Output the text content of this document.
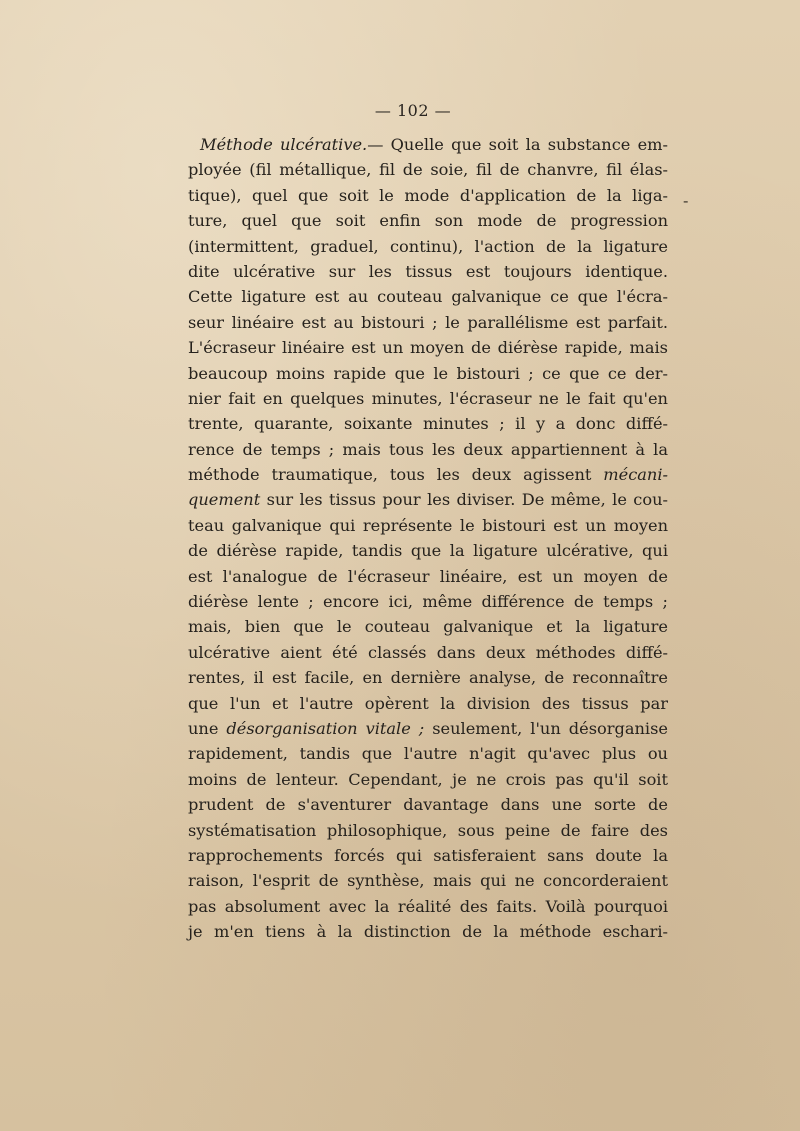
— 102 —
-
Méthode ulcérative.— Quelle que soit la substance em-
ployée (fil métallique, fil de soie, fil de chanvre, fil élas-
tique), quel que soit le mode d'application de la liga-
ture, quel que soit enfin son mode de progression
(intermittent, graduel, continu), l'action de la ligature
dite ulcérative sur les tissus est toujours identique.
Cette ligature est au couteau galvanique ce que l'écra-
seur linéaire est au bistouri ; le parallélisme est parfait.
L'écraseur linéaire est un moyen de diérèse rapide, mais
beaucoup moins rapide que le bistouri ; ce que ce der-
nier fait en quelques minutes, l'écraseur ne le fait qu'en
trente, quarante, soixante minutes ; il y a donc diffé-
rence de temps ; mais tous les deux appartiennent à la
méthode traumatique, tous les deux agissent mécani-
quement sur les tissus pour les diviser. De même, le cou-
teau galvanique qui représente le bistouri est un moyen
de diérèse rapide, tandis que la ligature ulcérative, qui
est l'analogue de l'écraseur linéaire, est un moyen de
diérèse lente ; encore ici, même différence de temps ;
mais, bien que le couteau galvanique et la ligature
ulcérative aient été classés dans deux méthodes diffé-
rentes, il est facile, en dernière analyse, de reconnaître
que l'un et l'autre opèrent la division des tissus par
une désorganisation vitale ; seulement, l'un désorganise
rapidement, tandis que l'autre n'agit qu'avec plus ou
moins de lenteur. Cependant, je ne crois pas qu'il soit
prudent de s'aventurer davantage dans une sorte de
systématisation philosophique, sous peine de faire des
rapprochements forcés qui satisferaient sans doute la
raison, l'esprit de synthèse, mais qui ne concorderaient
pas absolument avec la réalité des faits. Voilà pourquoi
je m'en tiens à la distinction de la méthode eschari-
